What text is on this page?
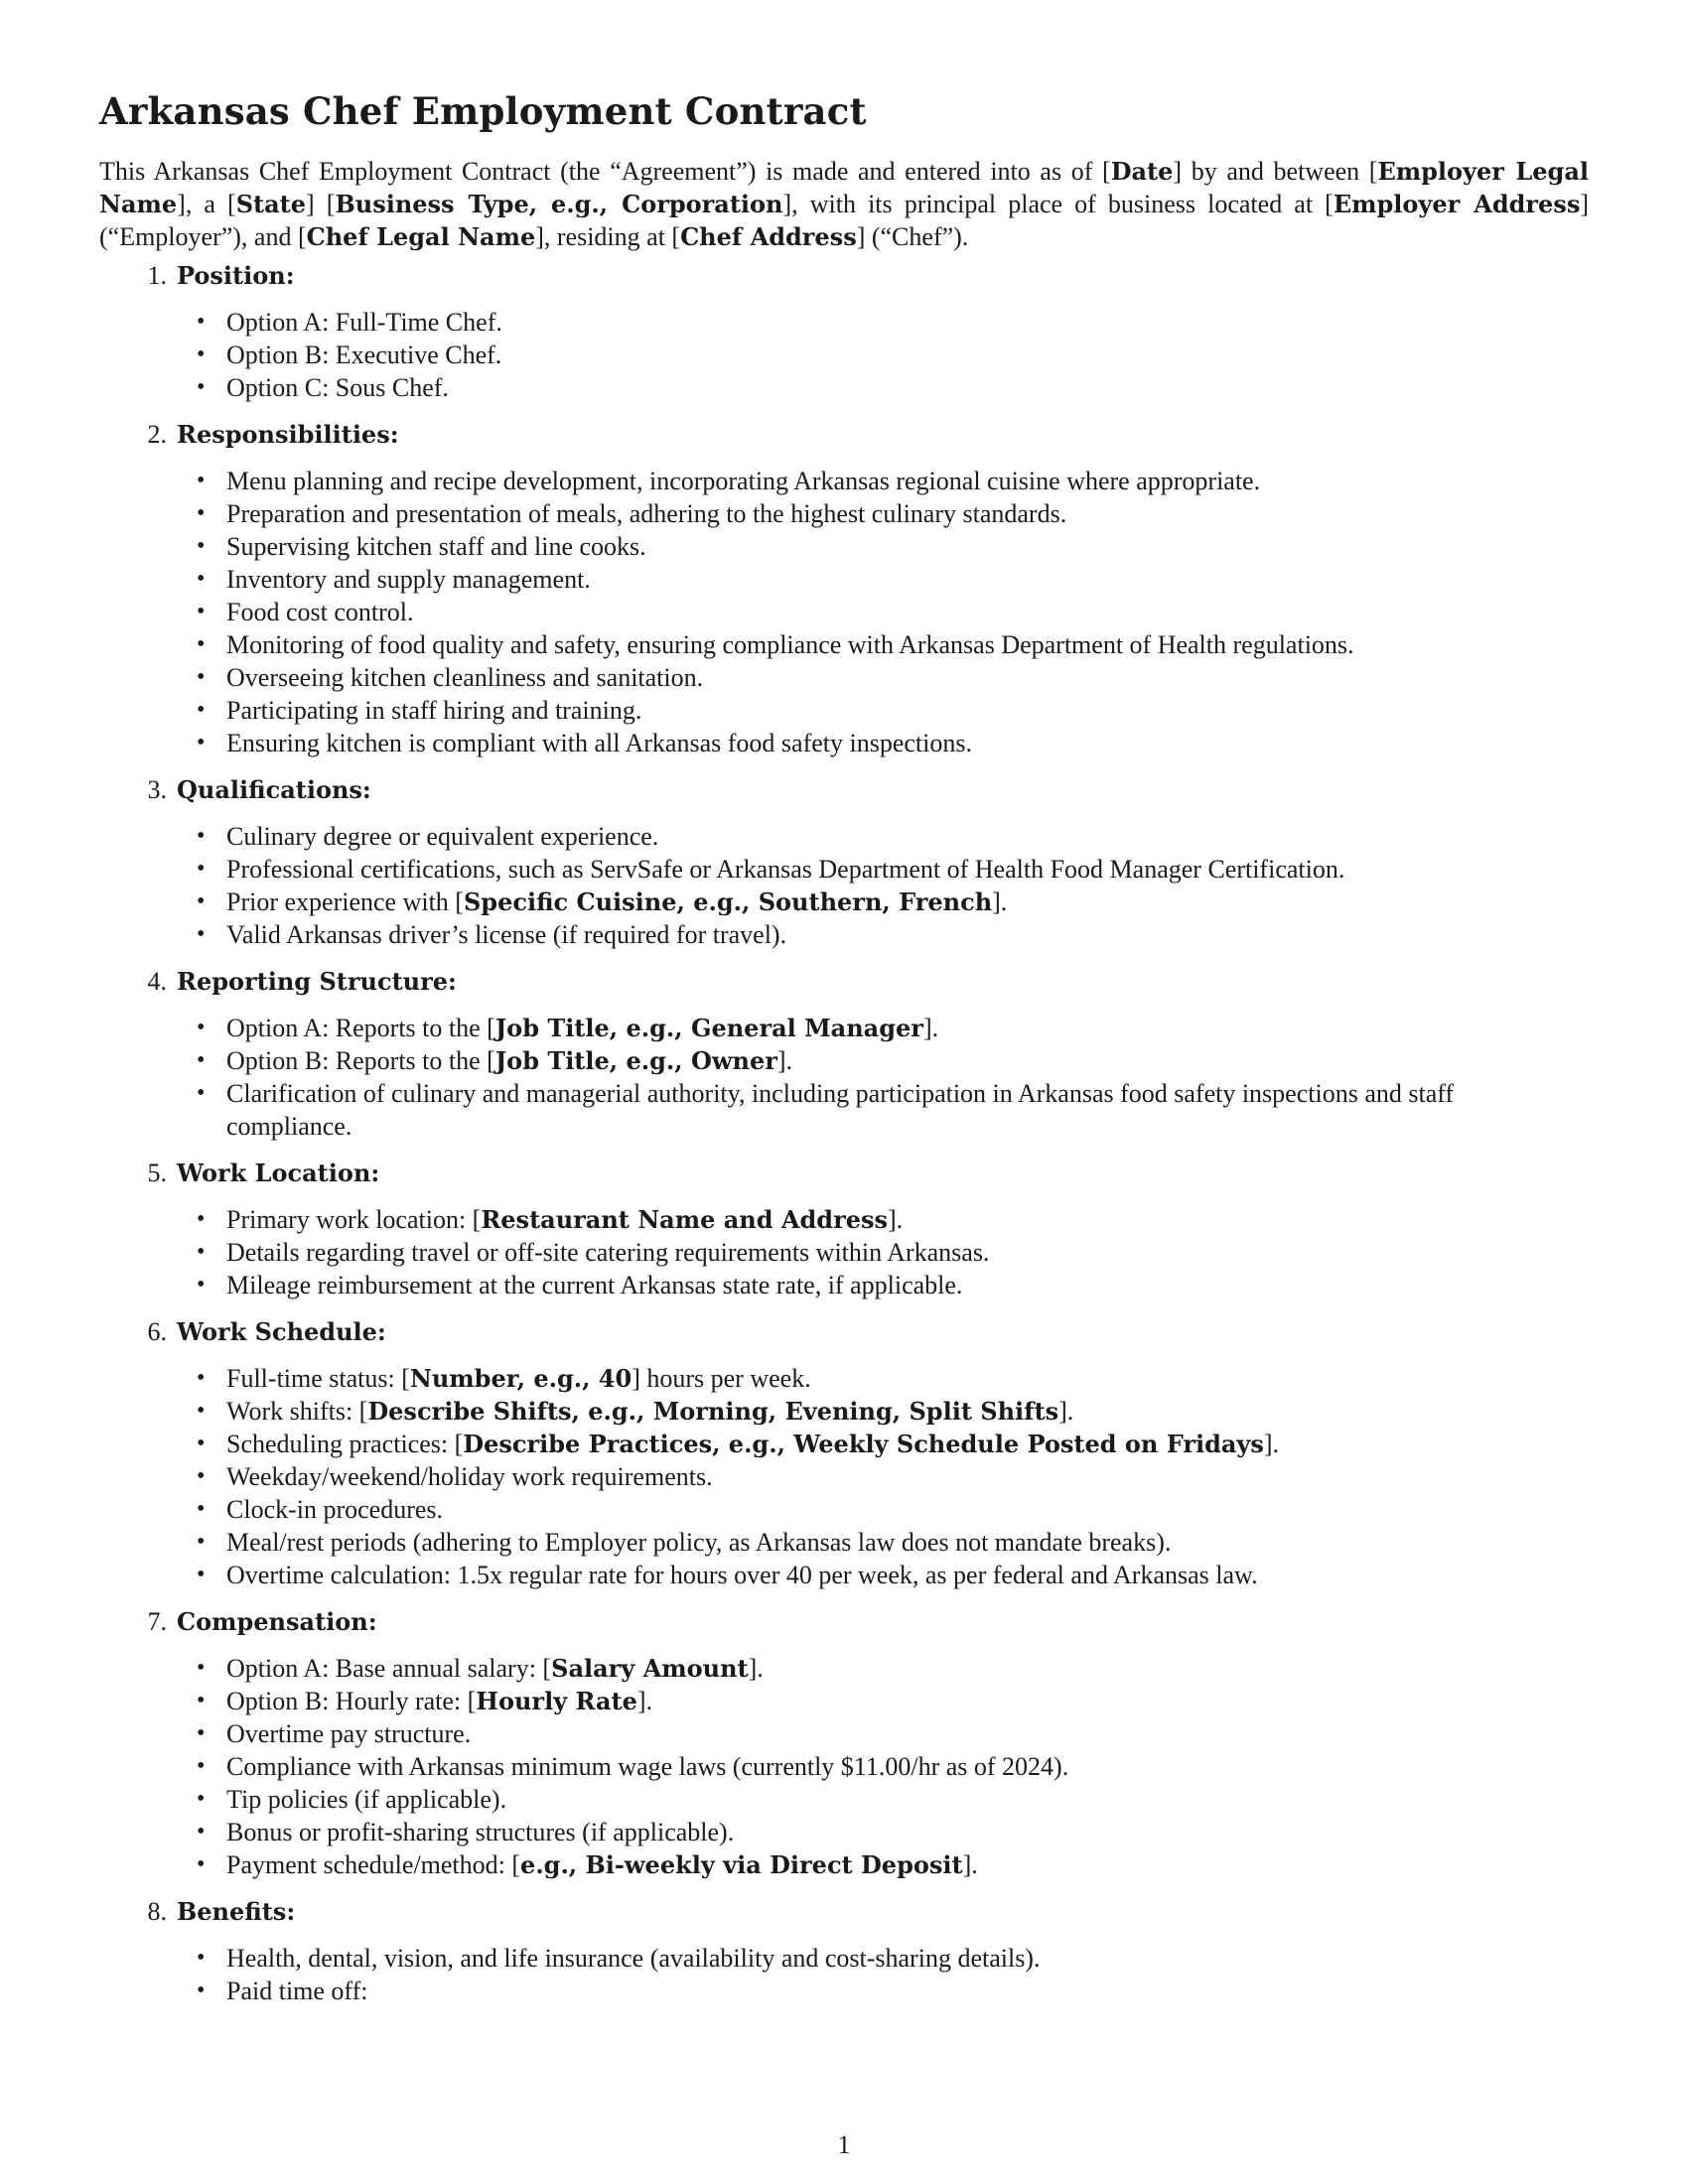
Arkansas Chef Employment Contract

This Arkansas Chef Employment Contract (the “Agreement”) is made and entered into as of [Date] by and between [Employer Legal Name], a [State] [Business Type, e.g., Corporation], with its principal place of business located at [Employer Address] (“Employer”), and [Chef Legal Name], residing at [Chef Address] (“Chef”).

1. Position:
• Option A: Full-Time Chef.
• Option B: Executive Chef.
• Option C: Sous Chef.
2. Responsibilities:
• Menu planning and recipe development, incorporating Arkansas regional cuisine where appropriate.
• Preparation and presentation of meals, adhering to the highest culinary standards.
• Supervising kitchen staff and line cooks.
• Inventory and supply management.
• Food cost control.
• Monitoring of food quality and safety, ensuring compliance with Arkansas Department of Health regulations.
• Overseeing kitchen cleanliness and sanitation.
• Participating in staff hiring and training.
• Ensuring kitchen is compliant with all Arkansas food safety inspections.
3. Qualifications:
• Culinary degree or equivalent experience.
• Professional certifications, such as ServSafe or Arkansas Department of Health Food Manager Certification.
• Prior experience with [Specific Cuisine, e.g., Southern, French].
• Valid Arkansas driver’s license (if required for travel).
4. Reporting Structure:
• Option A: Reports to the [Job Title, e.g., General Manager].
• Option B: Reports to the [Job Title, e.g., Owner].
• Clarification of culinary and managerial authority, including participation in Arkansas food safety inspections and staff compliance.
5. Work Location:
• Primary work location: [Restaurant Name and Address].
• Details regarding travel or off-site catering requirements within Arkansas.
• Mileage reimbursement at the current Arkansas state rate, if applicable.
6. Work Schedule:
• Full-time status: [Number, e.g., 40] hours per week.
• Work shifts: [Describe Shifts, e.g., Morning, Evening, Split Shifts].
• Scheduling practices: [Describe Practices, e.g., Weekly Schedule Posted on Fridays].
• Weekday/weekend/holiday work requirements.
• Clock-in procedures.
• Meal/rest periods (adhering to Employer policy, as Arkansas law does not mandate breaks).
• Overtime calculation: 1.5x regular rate for hours over 40 per week, as per federal and Arkansas law.
7. Compensation:
• Option A: Base annual salary: [Salary Amount].
• Option B: Hourly rate: [Hourly Rate].
• Overtime pay structure.
• Compliance with Arkansas minimum wage laws (currently $11.00/hr as of 2024).
• Tip policies (if applicable).
• Bonus or profit-sharing structures (if applicable).
• Payment schedule/method: [e.g., Bi-weekly via Direct Deposit].
8. Benefits:
• Health, dental, vision, and life insurance (availability and cost-sharing details).
• Paid time off:
1
